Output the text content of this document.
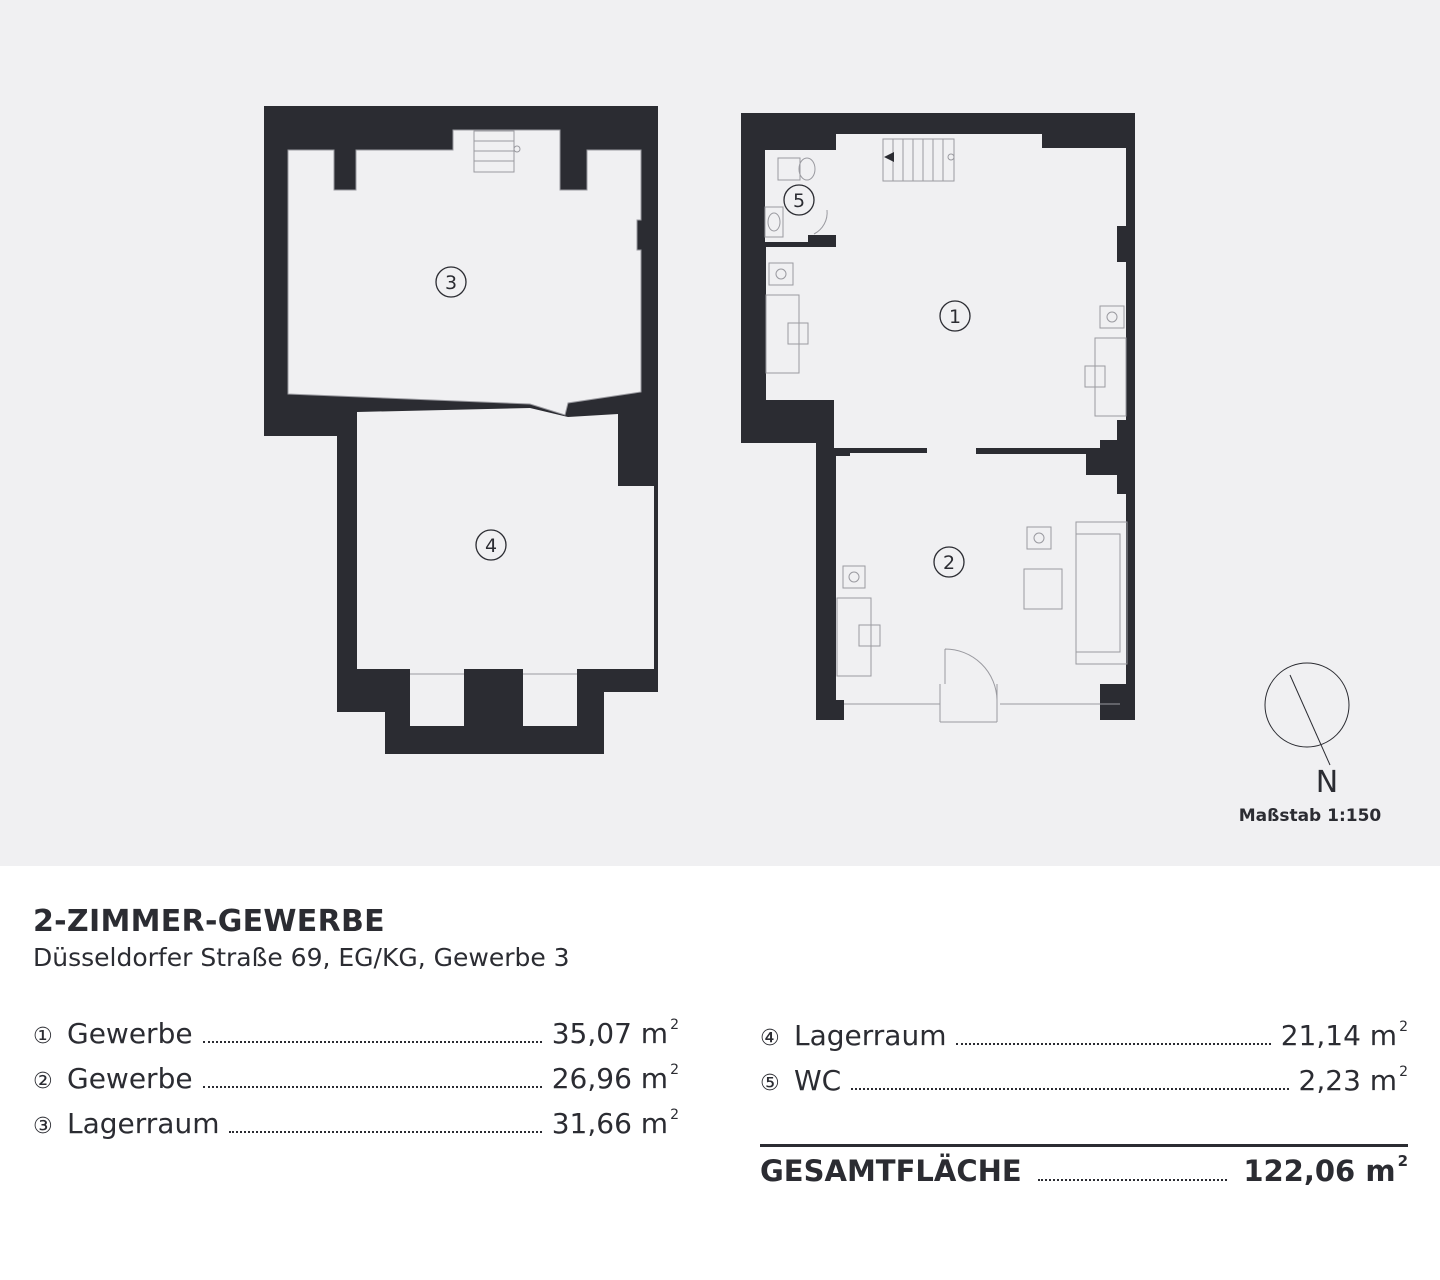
3
4
1
2
5
N
Maßstab 1:150
2-ZIMMER-GEWERBE
Düsseldorfer Straße 69, EG/KG, Gewerbe 3
① Gewerbe	35,07 m $^2$
② Gewerbe	26,96 m $^2$
③ Lagerraum	31,66 m $^2$
④ Lagerraum	21,14 m $^2$
⑤ WC	2,23 m $^2$
GESAMTFLÄCHE	122,06 m $^2$
